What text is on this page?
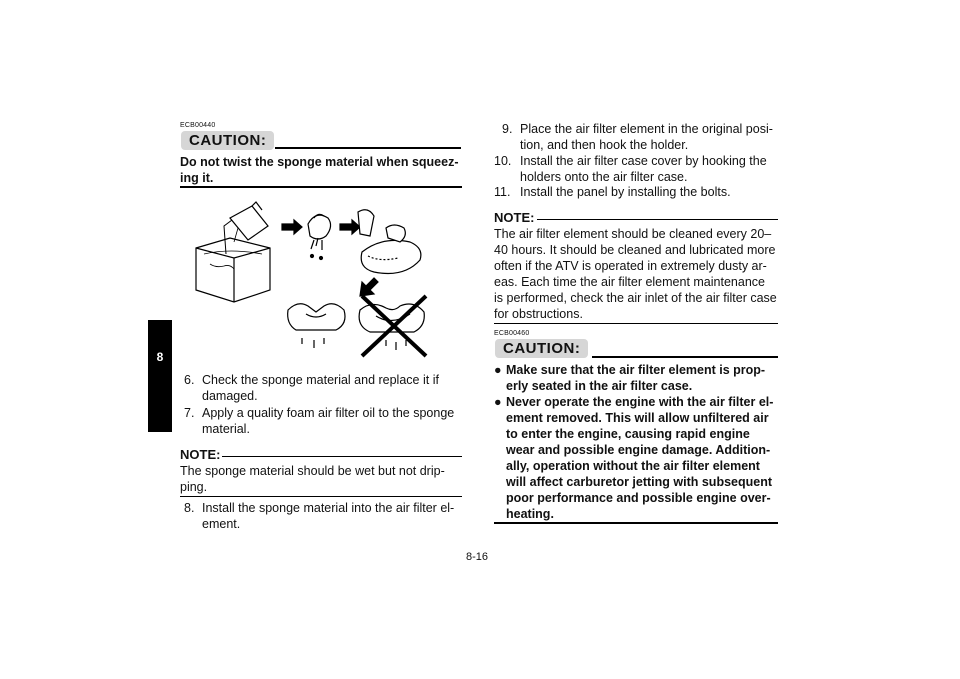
8
ECB00440
CAUTION:
Do not twist the sponge material when squeez-
ing it.
6. Check the sponge material and replace it if
damaged.
7. Apply a quality foam air filter oil to the sponge
material.
NOTE:
The sponge material should be wet but not drip-
ping.
8. Install the sponge material into the air filter el-
ement.
9. Place the air filter element in the original posi-
tion, and then hook the holder.
10. Install the air filter case cover by hooking the
holders onto the air filter case.
11. Install the panel by installing the bolts.
NOTE:
The air filter element should be cleaned every 20–
40 hours. It should be cleaned and lubricated more
often if the ATV is operated in extremely dusty ar-
eas. Each time the air filter element maintenance
is performed, check the air inlet of the air filter case
for obstructions.
ECB00460
CAUTION:
● Make sure that the air filter element is prop-
erly seated in the air filter case.
● Never operate the engine with the air filter el-
ement removed. This will allow unfiltered air
to enter the engine, causing rapid engine
wear and possible engine damage. Addition-
ally, operation without the air filter element
will affect carburetor jetting with subsequent
poor performance and possible engine over-
heating.
8-16
